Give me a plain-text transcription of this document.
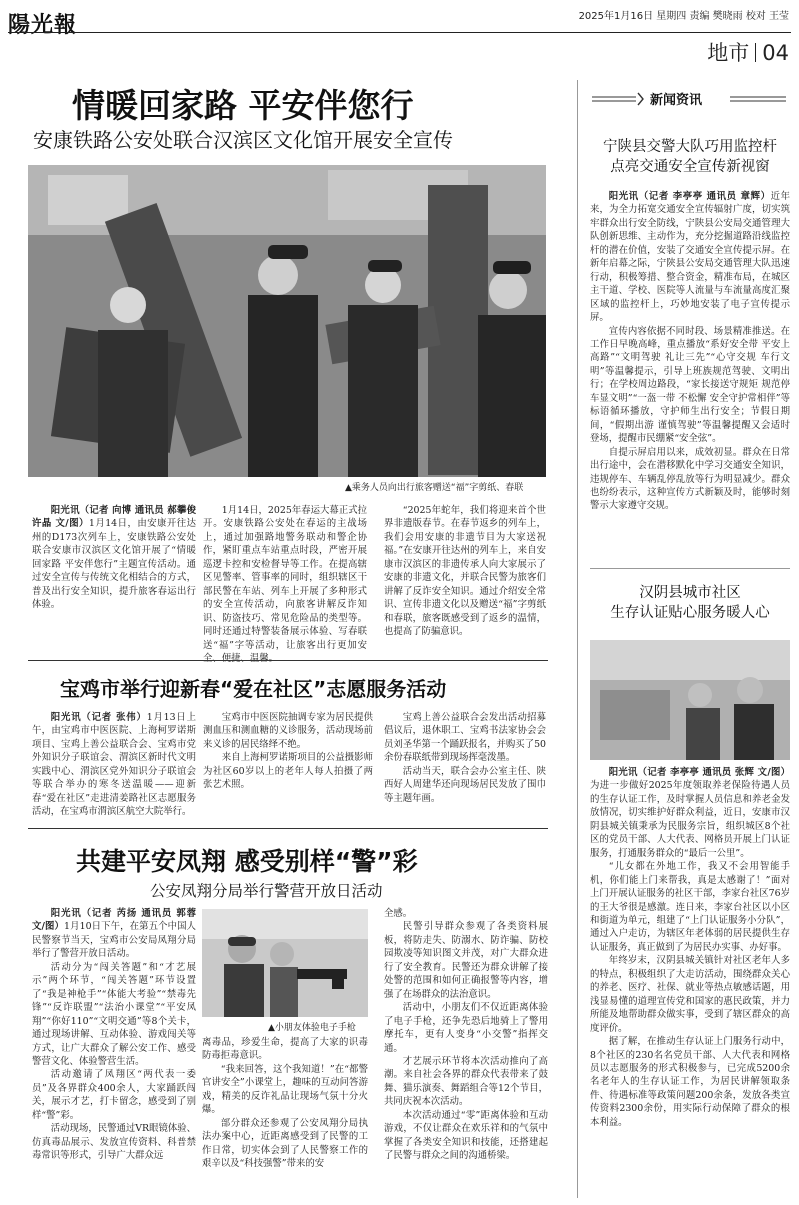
陽光報	2025年1月16日 星期四 责编 樊晓雨 校对 王莹
地市 04
情暖回家路 平安伴您行
安康铁路公安处联合汉滨区文化馆开展安全宣传
▲乘务人员向出行旅客赠送“福”字剪纸、春联

阳光讯（记者 向博 通讯员 郝攀俊 许晶 文/图）1月14日，由安康开往达州的D173次列车上，安康铁路公安处联合安康市汉滨区文化馆开展了“情暖回家路 平安伴您行”主题宣传活动。通过安全宣传与传统文化相结合的方式，普及出行安全知识，提升旅客春运出行体验。

1月14日，2025年春运大幕正式拉开。安康铁路公安处在春运的主战场上，通过加强路地警务联动和警企协作，紧盯重点车站重点时段，严密开展巡逻卡控和安检督导等工作。在提高辖区见警率、管事率的同时，组织辖区干部民警在车站、列车上开展了多种形式的安全宣传活动，向旅客讲解反诈知识、防盗技巧、常见危险品的类型等。同时还通过特警装备展示体验、写春联送“福”字等活动，让旅客出行更加安全、便捷、温馨。

“2025年蛇年，我们将迎来首个世界非遗版春节。在春节返乡的列车上，我们会用安康的非遗节目为大家送祝福。”在安康开往达州的列车上，来自安康市汉滨区的非遗传承人向大家展示了安康的非遗文化，并联合民警为旅客们讲解了反诈安全知识。通过介绍安全常识、宣传非遗文化以及赠送“福”字剪纸和春联，旅客既感受到了返乡的温情，也提高了防骗意识。

宝鸡市举行迎新春“爱在社区”志愿服务活动

阳光讯（记者 张伟）1月13日上午，由宝鸡市中医医院、上海柯罗诺斯项目、宝鸡上善公益联合会、宝鸡市党外知识分子联谊会、渭滨区新时代文明实践中心、渭滨区党外知识分子联谊会等联合举办的寒冬送温暖——迎新春“爱在社区”走进清姜路社区志愿服务活动，在宝鸡市渭滨区航空大院举行。

宝鸡市中医医院抽调专家为居民提供测血压和测血糖的义诊服务，活动现场前来义诊的居民络绎不绝。

来自上海柯罗诺斯项目的公益摄影师为社区60岁以上的老年人每人拍摄了两张艺术照。

宝鸡上善公益联合会发出活动招募倡议后，退休职工、宝鸡书法家协会会员刘圣华第一个踊跃报名，并购买了50余份春联纸带到现场挥毫泼墨。

活动当天，联合会办公室主任、陕西好人周建华还向现场居民发放了围巾等主题年画。

共建平安凤翔 感受别样“警”彩
公安凤翔分局举行警营开放日活动

阳光讯（记者 芮扬 通讯员 郭蓉 文/图）1月10日下午，在第五个中国人民警察节当天，宝鸡市公安局凤翔分局举行了警营开放日活动。

活动分为“闯关答题”和“才艺展示”两个环节，“闯关答题”环节设置了“我是神枪手”“体能大考验”“禁毒先锋”“反诈联盟”“法治小课堂”“平安凤翔”“你好110”“文明交通”等8个关卡，通过现场讲解、互动体验、游戏闯关等方式，让广大群众了解公安工作、感受警营文化、体验警营生活。

活动邀请了凤翔区“两代表一委员”及各界群众400余人，大家踊跃闯关，展示才艺，打卡留念，感受到了别样“警”彩。

活动现场，民警通过VR眼镜体验、仿真毒品展示、发放宣传资料、科普禁毒常识等形式，引导广大群众远

▲小朋友体验电子手枪

离毒品，珍爱生命，提高了大家的识毒防毒拒毒意识。

“我来回答，这个我知道！”在“都警官讲安全”小课堂上，趣味的互动问答游戏，精美的反诈礼品让现场气氛十分火爆。

部分群众还参观了公安凤翔分局执法办案中心，近距离感受到了民警的工作日常，切实体会到了人民警察工作的艰辛以及“科技强警”带来的安

全感。

民警引导群众参观了各类资料展板，将防走失、防溺水、防诈骗、防校园欺凌等知识图文并茂，对广大群众进行了安全教育。民警还为群众讲解了接处警的范围和如何正确报警等内容，增强了在场群众的法治意识。

活动中，小朋友们不仅近距离体验了电子手枪，还争先恐后地骑上了警用摩托车，更有人变身“小交警”指挥交通。

才艺展示环节将本次活动推向了高潮。来自社会各界的群众代表带来了鼓舞、猫乐演奏、舞蹈组合等12个节目，共同庆祝本次活动。

本次活动通过“零”距离体验和互动游戏，不仅让群众在欢乐祥和的气氛中掌握了各类安全知识和技能，还搭建起了民警与群众之间的沟通桥梁。

新闻资讯
宁陕县交警大队巧用监控杆
点亮交通安全宣传新视窗

阳光讯（记者 李亭亭 通讯员 章辉）近年来，为全力拓宽交通安全宣传辐射广度，切实筑牢群众出行安全防线，宁陕县公安局交通管理大队创新思维、主动作为，充分挖掘道路沿线监控杆的潜在价值，安装了交通安全宣传提示屏。在新年启幕之际，宁陕县公安局交通管理大队迅速行动，积极筹措、整合资金，精准布局，在城区主干道、学校、医院等人流量与车流量高度汇聚区域的监控杆上，巧妙地安装了电子宣传提示屏。

宣传内容依据不同时段、场景精准推送。在工作日早晚高峰，重点播放“系好安全带 平安上高路”“文明驾驶 礼让三先”“心守交规 车行文明”等温馨提示，引导上班族规范驾驶、文明出行；在学校周边路段，“家长接送守规矩 规范停车显文明”“一盔一带 不松懈 安全守护常相伴”等标语循环播放，守护师生出行安全；节假日期间，“假期出游 谨慎驾驶”等温馨提醒又会适时登场，提醒市民绷紧“安全弦”。

自提示屏启用以来，成效初显。群众在日常出行途中，会在潜移默化中学习交通安全知识，违规停车、车辆乱停乱放等行为明显减少。群众也纷纷表示，这种宣传方式新颖及时，能够时刻警示大家遵守交规。

汉阴县城市社区
生存认证贴心服务暖人心

阳光讯（记者 李亭亭 通讯员 张辉 文/图）为进一步做好2025年度领取养老保险待遇人员的生存认证工作，及时掌握人员信息和养老金发放情况，切实维护好群众利益，近日，安康市汉阴县城关镇秉承为民服务宗旨，组织城区8个社区的党员干部、人大代表、网格员开展上门认证服务，打通服务群众的“最后一公里”。

“儿女都在外地工作，我又不会用智能手机，你们能上门来帮我，真是太感谢了！”面对上门开展认证服务的社区干部，李家台社区76岁的王大爷很是感激。连日来，李家台社区以小区和街道为单元，组建了“上门认证服务小分队”，通过入户走访，为辖区年老体弱的居民提供生存认证服务，真正做到了为居民办实事、办好事。

年终岁末，汉阴县城关镇针对社区老年人多的特点，积极组织了大走访活动，围绕群众关心的养老、医疗、社保、就业等热点敏感话题，用浅显易懂的道理宣传党和国家的惠民政策，并力所能及地帮助群众做实事，受到了辖区群众的高度评价。

据了解，在推动生存认证上门服务行动中，8个社区的230名名党员干部、人大代表和网格员以志愿服务的形式积极参与，已完成5200余名老年人的生存认证工作，为居民讲解领取条件、待遇标准等政策问题200余条，发放各类宣传资料2300余份，用实际行动保障了群众的根本利益。
